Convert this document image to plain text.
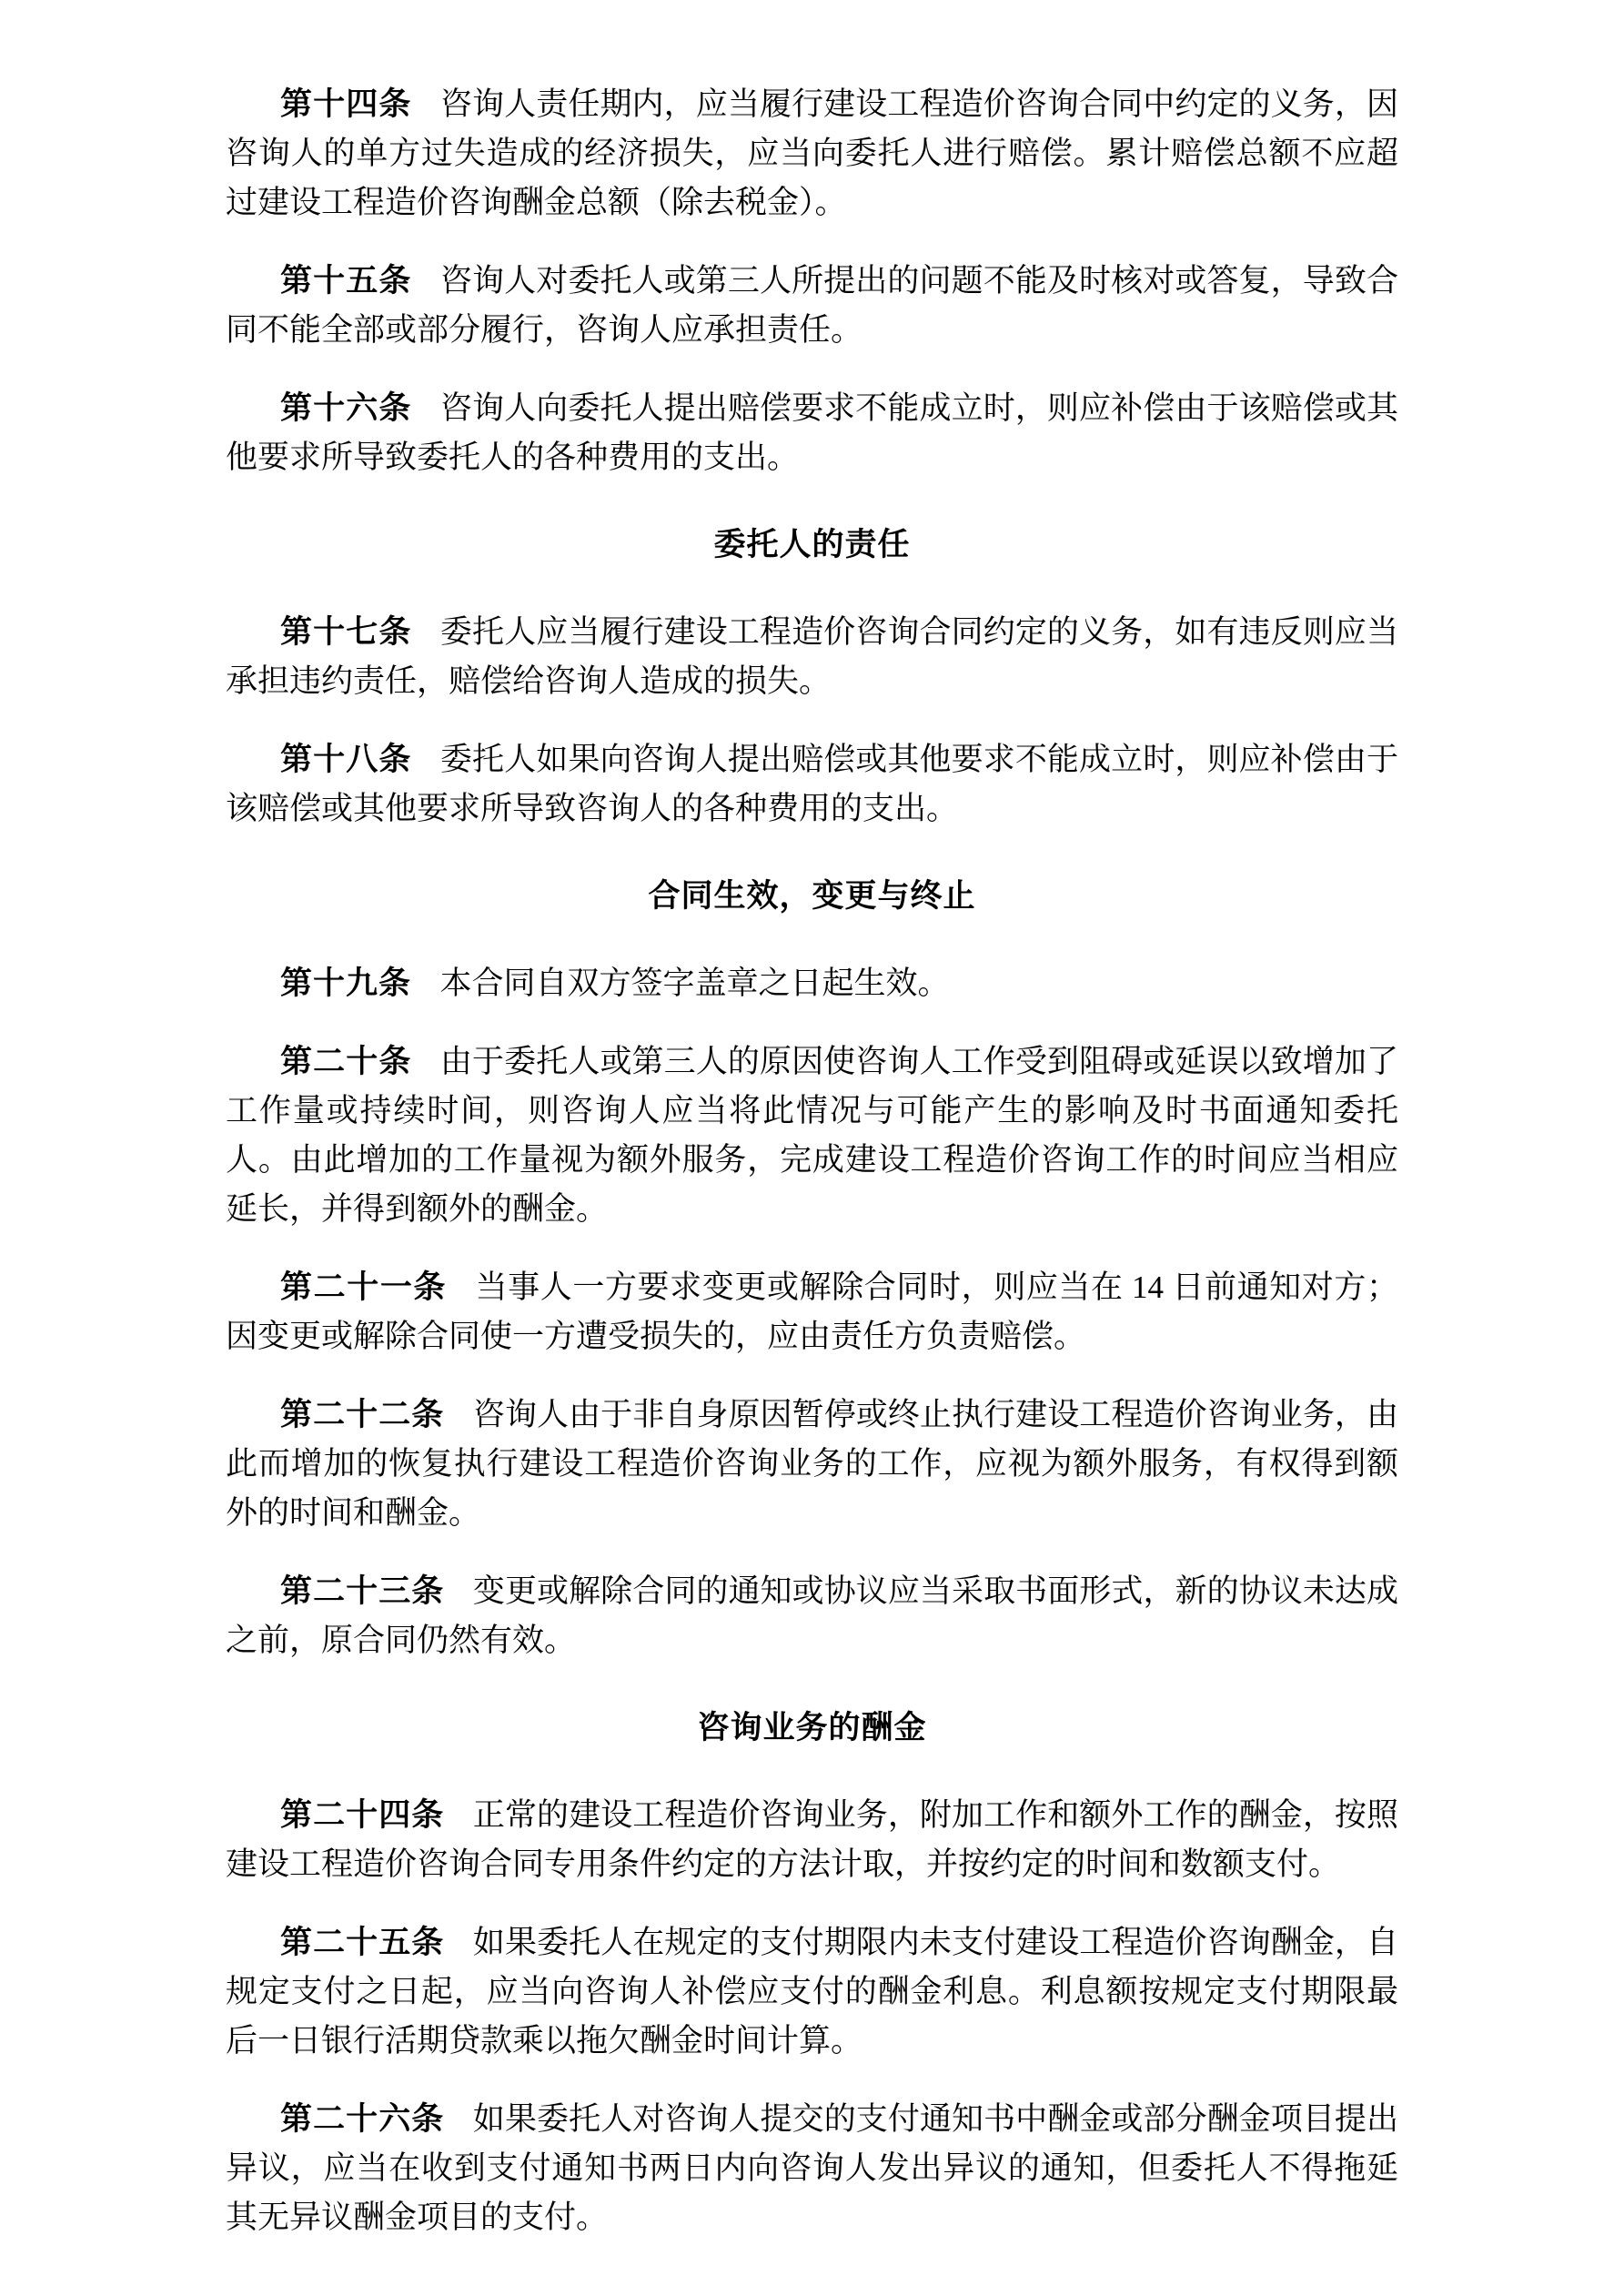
第十四条 咨询人责任期内，应当履行建设工程造价咨询合同中约定的义务，因咨询人的单方过失造成的经济损失，应当向委托人进行赔偿。累计赔偿总额不应超过建设工程造价咨询酬金总额（除去税金）。

第十五条 咨询人对委托人或第三人所提出的问题不能及时核对或答复，导致合同不能全部或部分履行，咨询人应承担责任。

第十六条 咨询人向委托人提出赔偿要求不能成立时，则应补偿由于该赔偿或其他要求所导致委托人的各种费用的支出。

委托人的责任

第十七条 委托人应当履行建设工程造价咨询合同约定的义务，如有违反则应当承担违约责任，赔偿给咨询人造成的损失。

第十八条 委托人如果向咨询人提出赔偿或其他要求不能成立时，则应补偿由于该赔偿或其他要求所导致咨询人的各种费用的支出。

合同生效，变更与终止

第十九条 本合同自双方签字盖章之日起生效。

第二十条 由于委托人或第三人的原因使咨询人工作受到阻碍或延误以致增加了工作量或持续时间，则咨询人应当将此情况与可能产生的影响及时书面通知委托人。由此增加的工作量视为额外服务，完成建设工程造价咨询工作的时间应当相应延长，并得到额外的酬金。

第二十一条 当事人一方要求变更或解除合同时，则应当在 14 日前通知对方；因变更或解除合同使一方遭受损失的，应由责任方负责赔偿。

第二十二条 咨询人由于非自身原因暂停或终止执行建设工程造价咨询业务，由此而增加的恢复执行建设工程造价咨询业务的工作，应视为额外服务，有权得到额外的时间和酬金。

第二十三条 变更或解除合同的通知或协议应当采取书面形式，新的协议未达成之前，原合同仍然有效。

咨询业务的酬金

第二十四条 正常的建设工程造价咨询业务，附加工作和额外工作的酬金，按照建设工程造价咨询合同专用条件约定的方法计取，并按约定的时间和数额支付。

第二十五条 如果委托人在规定的支付期限内未支付建设工程造价咨询酬金，自规定支付之日起，应当向咨询人补偿应支付的酬金利息。利息额按规定支付期限最后一日银行活期贷款乘以拖欠酬金时间计算。

第二十六条 如果委托人对咨询人提交的支付通知书中酬金或部分酬金项目提出异议，应当在收到支付通知书两日内向咨询人发出异议的通知，但委托人不得拖延其无异议酬金项目的支付。
